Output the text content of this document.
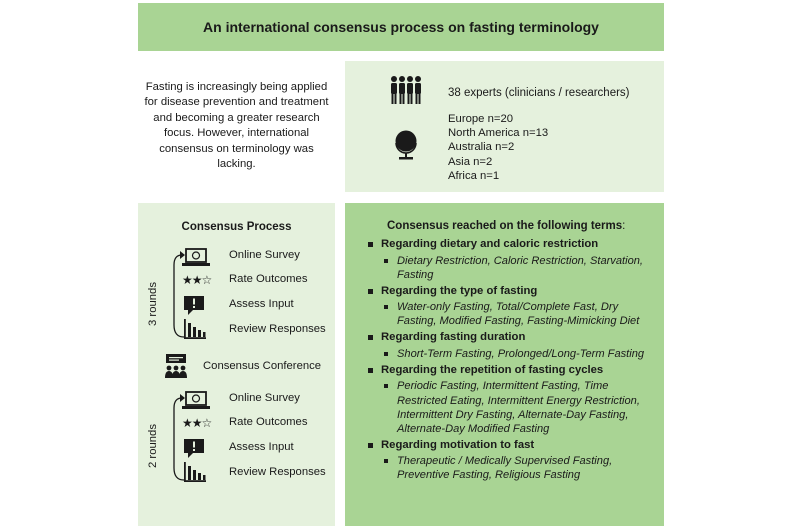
An international consensus process on fasting terminology
Fasting is increasingly being applied for disease prevention and treatment and becoming a greater research focus. However, international consensus on terminology was lacking.
38 experts (clinicians / researchers)
Europe n=20
North America n=13
Australia n=2
Asia n=2
Africa n=1
Consensus Process
3 rounds
Online Survey
★★☆ Rate Outcomes
Assess Input
Review Responses
Consensus Conference
2 rounds
Online Survey
★★☆ Rate Outcomes
Assess Input
Review Responses
Consensus reached on the following terms:
Regarding dietary and caloric restriction
Dietary Restriction, Caloric Restriction, Starvation, Fasting
Regarding the type of fasting
Water-only Fasting, Total/Complete Fast, Dry Fasting, Modified Fasting, Fasting-Mimicking Diet
Regarding fasting duration
Short-Term Fasting, Prolonged/Long-Term Fasting
Regarding the repetition of fasting cycles
Periodic Fasting, Intermittent Fasting, Time Restricted Eating, Intermittent Energy Restriction, Intermittent Dry Fasting, Alternate-Day Fasting, Alternate-Day Modified Fasting
Regarding motivation to fast
Therapeutic / Medically Supervised Fasting, Preventive Fasting, Religious Fasting
